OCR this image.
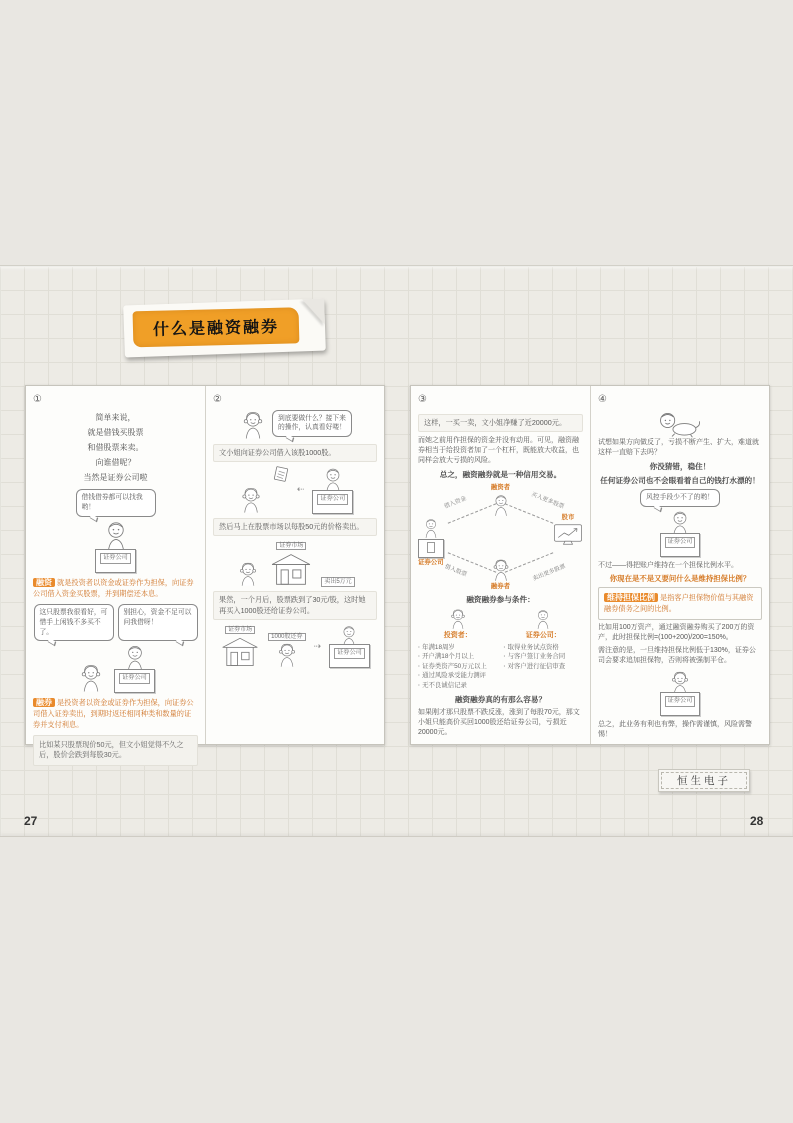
什么是融资融券
①
简单来说，
就是借钱买股票
和借股票来卖。
向谁借呢？
当然是证券公司啦
借钱借券都可以找我哟！
证券公司
融资 就是投资者以资金或证券作为担保，向证券公司借入资金买股票，并到期偿还本息。
这只股票我很看好，可惜手上闲钱不多买不了。
别担心，资金不足可以问我借呀！
证券公司
融券 是投资者以资金或证券作为担保，向证券公司借入证券卖出，到期时返还相同种类和数量的证券并支付利息。
比如某只股票现价50元，但文小姐觉得不久之后，股价会跌到每股30元。
②
到底要做什么？接下来的操作，认真看好喽！
文小姐向证券公司借入该股1000股。
⇠
证券公司
然后马上在股票市场以每股50元的价格卖出。
证券市场
卖出5万元
果然，一个月后，股票跌到了30元/股，这时她再买入1000股还给证券公司。
证券市场
1000股还券
⇢
证券公司
③
这样，一买一卖，文小姐净赚了近20000元。
而她之前用作担保的资金并没有动用。可见，融资融券相当于给投资者加了一个杠杆，既能放大收益，也同样会放大亏损的风险。
总之，融资融券就是一种信用交易。
融资者
融券者

证券公司
股市
借入资金	买入更多股票
借入股票	卖出更多股票
融资融券参与条件：
投资者：
· 年满18周岁
· 开户满18个月以上
· 证券类资产50万元以上
· 通过风险承受能力测评
· 无不良诚信记录
证券公司：
· 取得业务试点资格
· 与客户签订业务合同
· 对客户进行征信审查
融资融券真的有那么容易？
如果刚才那只股票不跌反涨，涨到了每股70元，那文小姐只能高价买回1000股还给证券公司，亏损近20000元。
④
试想如果方向做反了，亏损不断产生、扩大，难道就这样一直赔下去吗？
你没猜错，稳住！
任何证券公司也不会眼看着自己的钱打水漂的！
风控手段少不了的哟！
证券公司
不过——得把账户维持在一个担保比例水平。
你现在是不是又要问什么是维持担保比例？
维持担保比例 是指客户担保物价值与其融资融券债务之间的比例。
比如用100万资产，通过融资融券购买了200万的资产，此时担保比例=(100+200)/200=150%。
需注意的是，一旦维持担保比例低于130%，证券公司会要求追加担保物，否则将被强制平仓。
证券公司
总之，此业务有利也有弊，操作需谨慎，风险需警惕！
恒生电子
27	28
